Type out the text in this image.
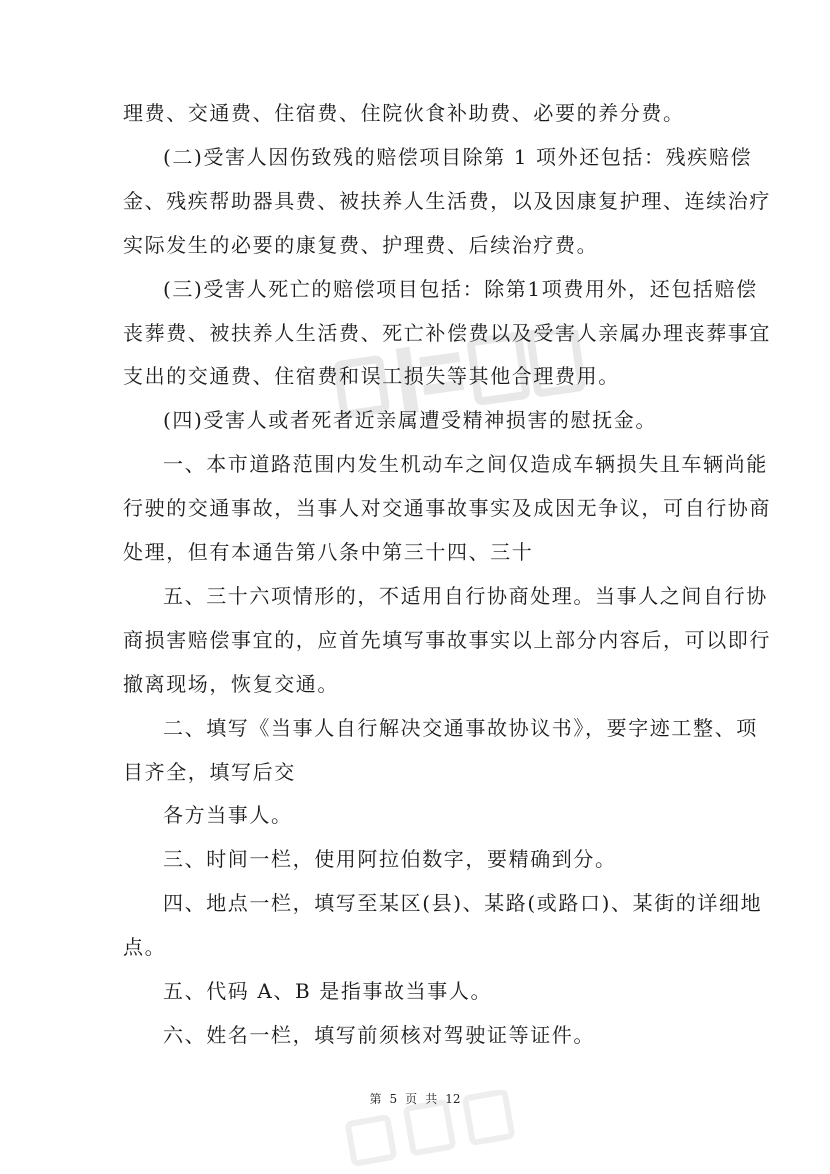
理费、交通费、住宿费、住院伙食补助费、必要的养分费。
(二)受害人因伤致残的赔偿项目除第 1 项外还包括：残疾赔偿
金、残疾帮助器具费、被扶养人生活费，以及因康复护理、连续治疗
实际发生的必要的康复费、护理费、后续治疗费。
(三)受害人死亡的赔偿项目包括：除第1项费用外，还包括赔偿
丧葬费、被扶养人生活费、死亡补偿费以及受害人亲属办理丧葬事宜
支出的交通费、住宿费和误工损失等其他合理费用。
(四)受害人或者死者近亲属遭受精神损害的慰抚金。
一、本市道路范围内发生机动车之间仅造成车辆损失且车辆尚能
行驶的交通事故，当事人对交通事故事实及成因无争议，可自行协商
处理，但有本通告第八条中第三十四、三十
五、三十六项情形的，不适用自行协商处理。当事人之间自行协
商损害赔偿事宜的，应首先填写事故事实以上部分内容后，可以即行
撤离现场，恢复交通。
二、填写《当事人自行解决交通事故协议书》，要字迹工整、项
目齐全，填写后交
各方当事人。
三、时间一栏，使用阿拉伯数字，要精确到分。
四、地点一栏，填写至某区(县)、某路(或路口)、某街的详细地
点。
五、代码 A、B 是指事故当事人。
六、姓名一栏，填写前须核对驾驶证等证件。
第 5 页 共 12
